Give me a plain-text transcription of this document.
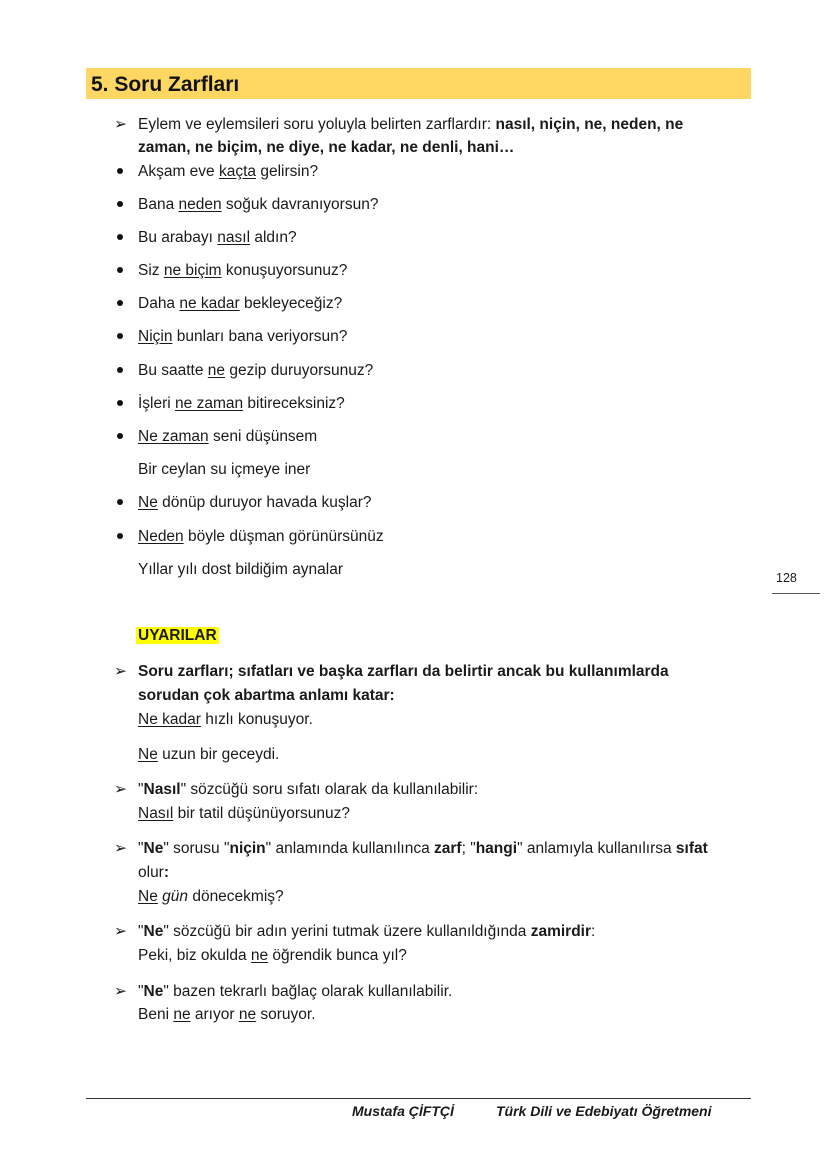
5. Soru Zarfları
➢ Eylem ve eylemsileri soru yoluyla belirten zarflardır: nasıl, niçin, ne, neden, ne
zaman, ne biçim, ne diye, ne kadar, ne denli, hani…
Akşam eve kaçta gelirsin?
Bana neden soğuk davranıyorsun?
Bu arabayı nasıl aldın?
Siz ne biçim konuşuyorsunuz?
Daha ne kadar bekleyeceğiz?
Niçin bunları bana veriyorsun?
Bu saatte ne gezip duruyorsunuz?
İşleri ne zaman bitireceksiniz?
Ne zaman seni düşünsem
Bir ceylan su içmeye iner
Ne dönüp duruyor havada kuşlar?
Neden böyle düşman görünürsünüz
Yıllar yılı dost bildiğim aynalar	128
UYARILAR
➢ Soru zarfları; sıfatları ve başka zarfları da belirtir ancak bu kullanımlarda
sorudan çok abartma anlamı katar:
Ne kadar hızlı konuşuyor.
Ne uzun bir geceydi.
➢ "Nasıl" sözcüğü soru sıfatı olarak da kullanılabilir:
Nasıl bir tatil düşünüyorsunuz?
➢ "Ne" sorusu "niçin" anlamında kullanılınca zarf; "hangi" anlamıyla kullanılırsa sıfat
olur:
Ne gün dönecekmiş?
➢ "Ne" sözcüğü bir adın yerini tutmak üzere kullanıldığında zamirdir:
Peki, biz okulda ne öğrendik bunca yıl?
➢ "Ne" bazen tekrarlı bağlaç olarak kullanılabilir.
Beni ne arıyor ne soruyor.
Mustafa ÇİFTÇİ	Türk Dili ve Edebiyatı Öğretmeni
